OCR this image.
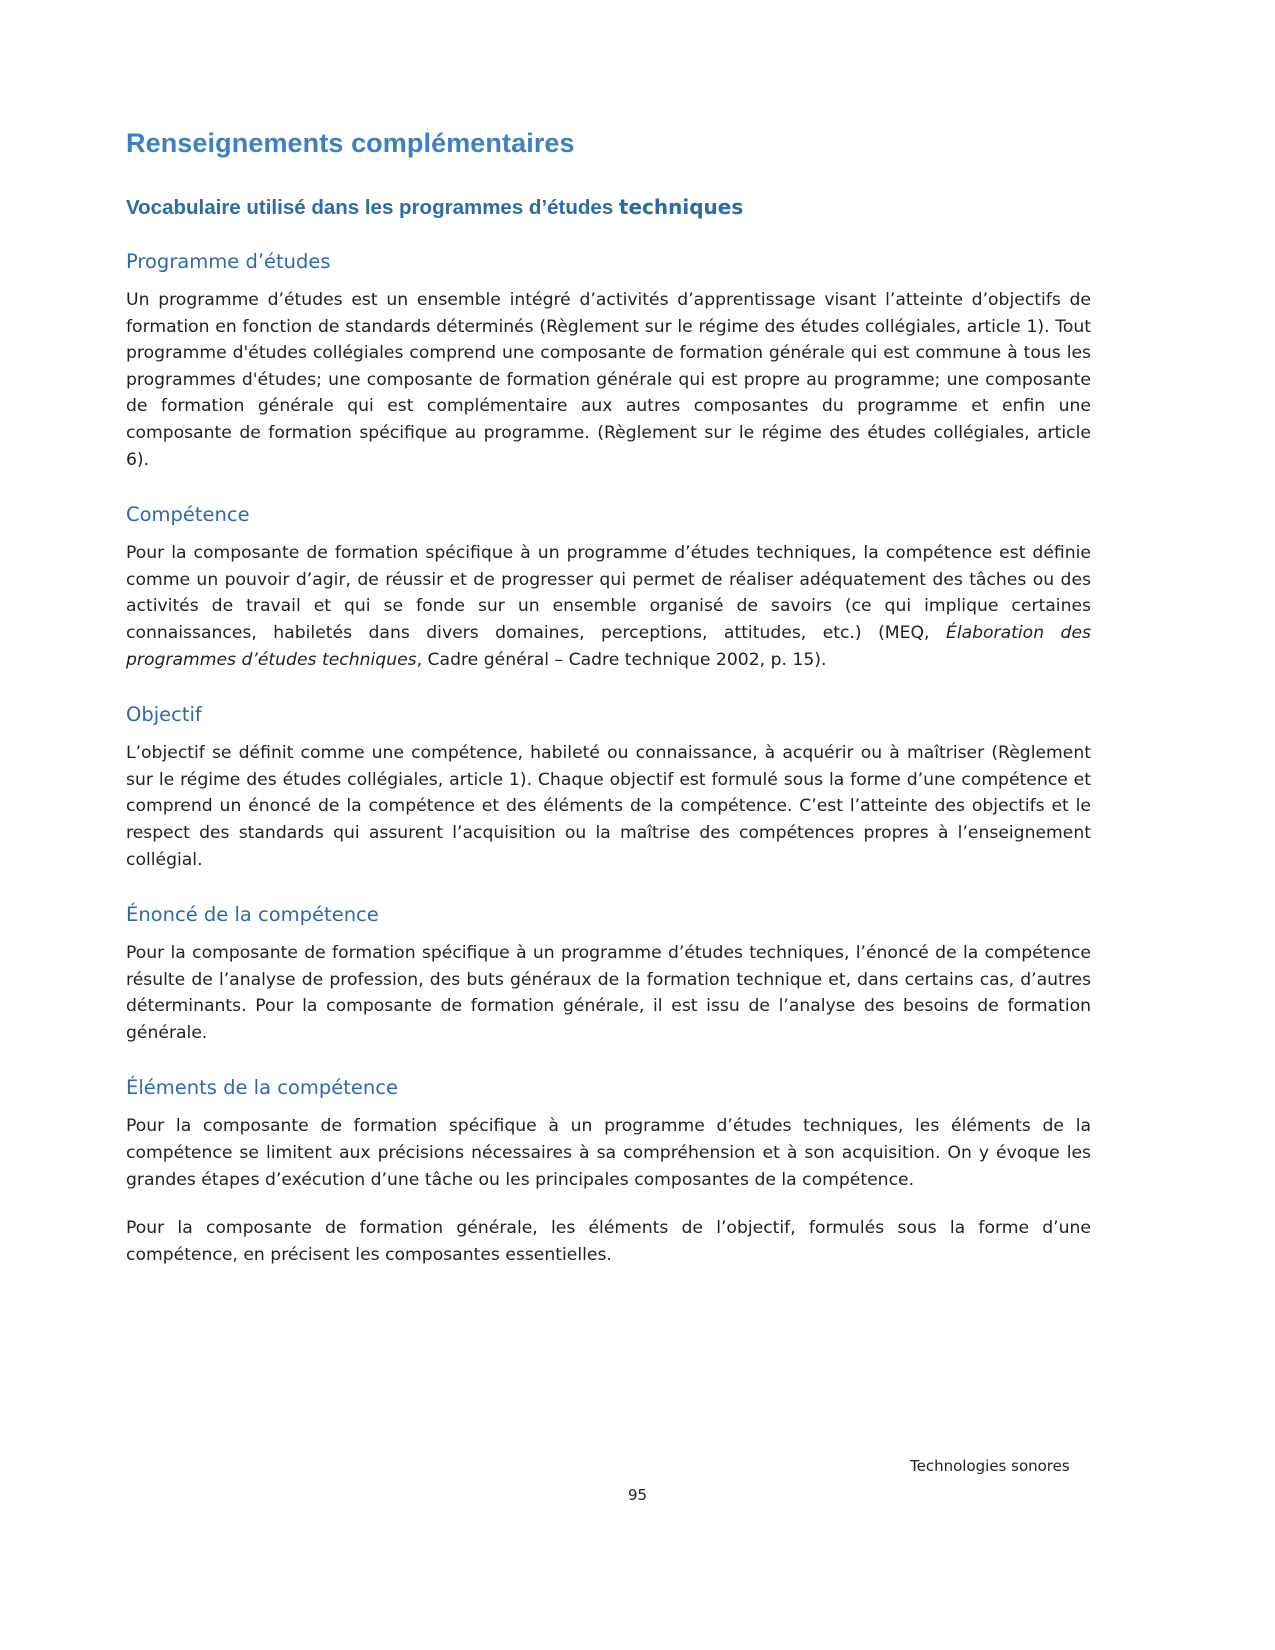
Renseignements complémentaires
Vocabulaire utilisé dans les programmes d’études techniques
Programme d’études

Un programme d’études est un ensemble intégré d’activités d’apprentissage visant l’atteinte d’objectifs de formation en fonction de standards déterminés (Règlement sur le régime des études collégiales, article 1). Tout programme d'études collégiales comprend une composante de formation générale qui est commune à tous les programmes d'études; une composante de formation générale qui est propre au programme; une composante de formation générale qui est complémentaire aux autres composantes du programme et enfin une composante de formation spécifique au programme. (Règlement sur le régime des études collégiales, article 6).

Compétence

Pour la composante de formation spécifique à un programme d’études techniques, la compétence est définie comme un pouvoir d’agir, de réussir et de progresser qui permet de réaliser adéquatement des tâches ou des activités de travail et qui se fonde sur un ensemble organisé de savoirs (ce qui implique certaines connaissances, habiletés dans divers domaines, perceptions, attitudes, etc.) (MEQ, Élaboration des programmes d’études techniques, Cadre général – Cadre technique 2002, p. 15).

Objectif

L’objectif se définit comme une compétence, habileté ou connaissance, à acquérir ou à maîtriser (Règlement sur le régime des études collégiales, article 1). Chaque objectif est formulé sous la forme d’une compétence et comprend un énoncé de la compétence et des éléments de la compétence. C’est l’atteinte des objectifs et le respect des standards qui assurent l’acquisition ou la maîtrise des compétences propres à l’enseignement collégial.

Énoncé de la compétence

Pour la composante de formation spécifique à un programme d’études techniques, l’énoncé de la compétence résulte de l’analyse de profession, des buts généraux de la formation technique et, dans certains cas, d’autres déterminants. Pour la composante de formation générale, il est issu de l’analyse des besoins de formation générale.

Éléments de la compétence

Pour la composante de formation spécifique à un programme d’études techniques, les éléments de la compétence se limitent aux précisions nécessaires à sa compréhension et à son acquisition. On y évoque les grandes étapes d’exécution d’une tâche ou les principales composantes de la compétence.

Pour la composante de formation générale, les éléments de l’objectif, formulés sous la forme d’une compétence, en précisent les composantes essentielles.

Technologies sonores
95
